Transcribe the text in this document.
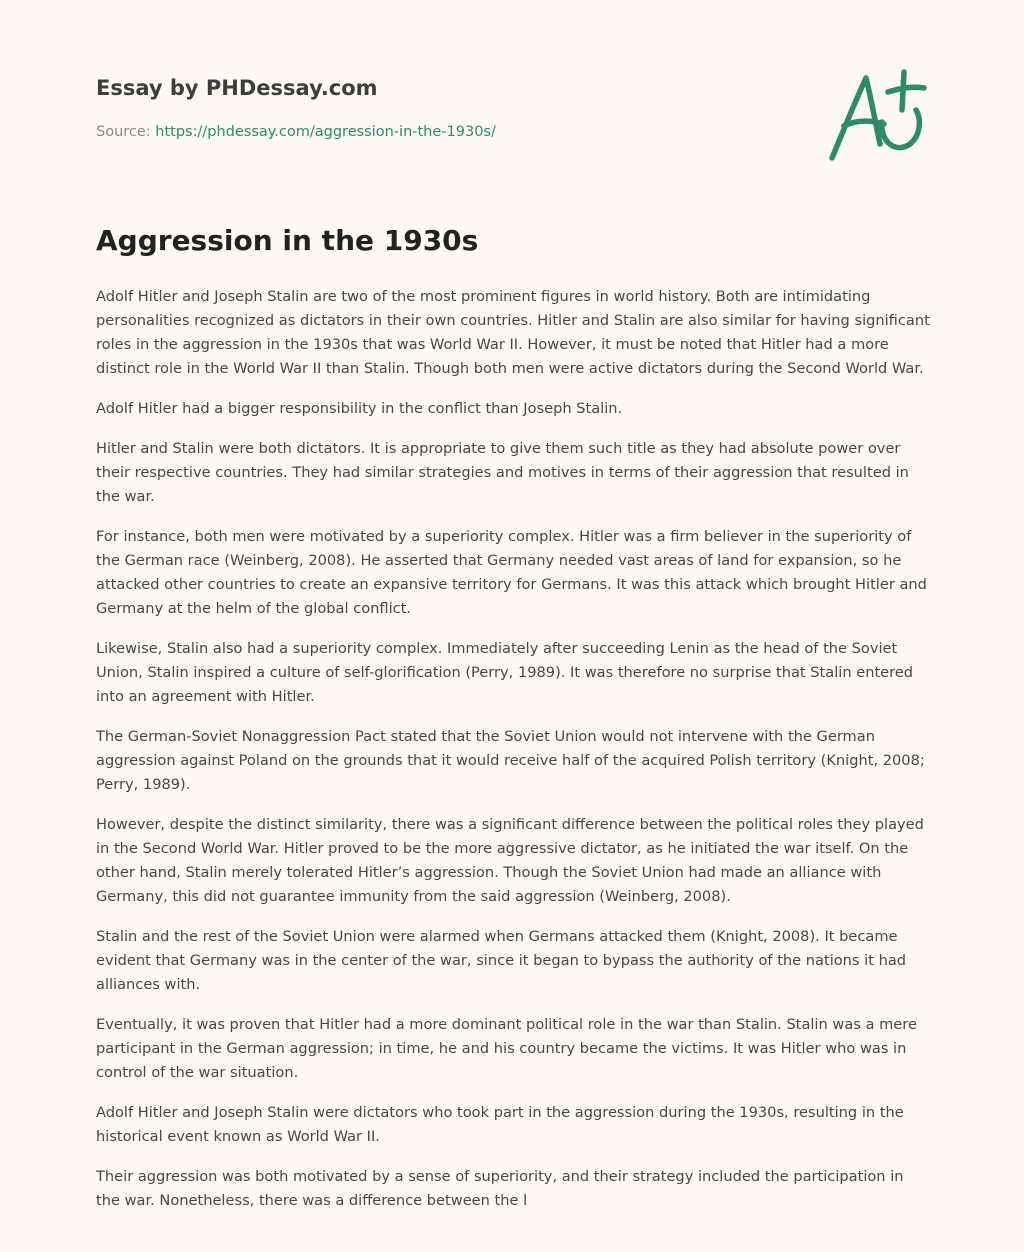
Essay by PHDessay.com
Source: https://phdessay.com/aggression-in-the-1930s/
Aggression in the 1930s

Adolf Hitler and Joseph Stalin are two of the most prominent figures in world history. Both are intimidating personalities recognized as dictators in their own countries. Hitler and Stalin are also similar for having significant roles in the aggression in the 1930s that was World War II. However, it must be noted that Hitler had a more distinct role in the World War II than Stalin. Though both men were active dictators during the Second World War.

Adolf Hitler had a bigger responsibility in the conflict than Joseph Stalin.

Hitler and Stalin were both dictators. It is appropriate to give them such title as they had absolute power over their respective countries. They had similar strategies and motives in terms of their aggression that resulted in the war.

For instance, both men were motivated by a superiority complex. Hitler was a firm believer in the superiority of the German race (Weinberg, 2008). He asserted that Germany needed vast areas of land for expansion, so he attacked other countries to create an expansive territory for Germans. It was this attack which brought Hitler and Germany at the helm of the global conflict.

Likewise, Stalin also had a superiority complex. Immediately after succeeding Lenin as the head of the Soviet Union, Stalin inspired a culture of self-glorification (Perry, 1989). It was therefore no surprise that Stalin entered into an agreement with Hitler.

The German-Soviet Nonaggression Pact stated that the Soviet Union would not intervene with the German aggression against Poland on the grounds that it would receive half of the acquired Polish territory (Knight, 2008; Perry, 1989).

However, despite the distinct similarity, there was a significant difference between the political roles they played in the Second World War. Hitler proved to be the more aggressive dictator, as he initiated the war itself. On the other hand, Stalin merely tolerated Hitler’s aggression. Though the Soviet Union had made an alliance with Germany, this did not guarantee immunity from the said aggression (Weinberg, 2008).

Stalin and the rest of the Soviet Union were alarmed when Germans attacked them (Knight, 2008). It became evident that Germany was in the center of the war, since it began to bypass the authority of the nations it had alliances with.

Eventually, it was proven that Hitler had a more dominant political role in the war than Stalin. Stalin was a mere participant in the German aggression; in time, he and his country became the victims. It was Hitler who was in control of the war situation.

Adolf Hitler and Joseph Stalin were dictators who took part in the aggression during the 1930s, resulting in the historical event known as World War II.

Their aggression was both motivated by a sense of superiority, and their strategy included the participation in the war. Nonetheless, there was a difference between the l
